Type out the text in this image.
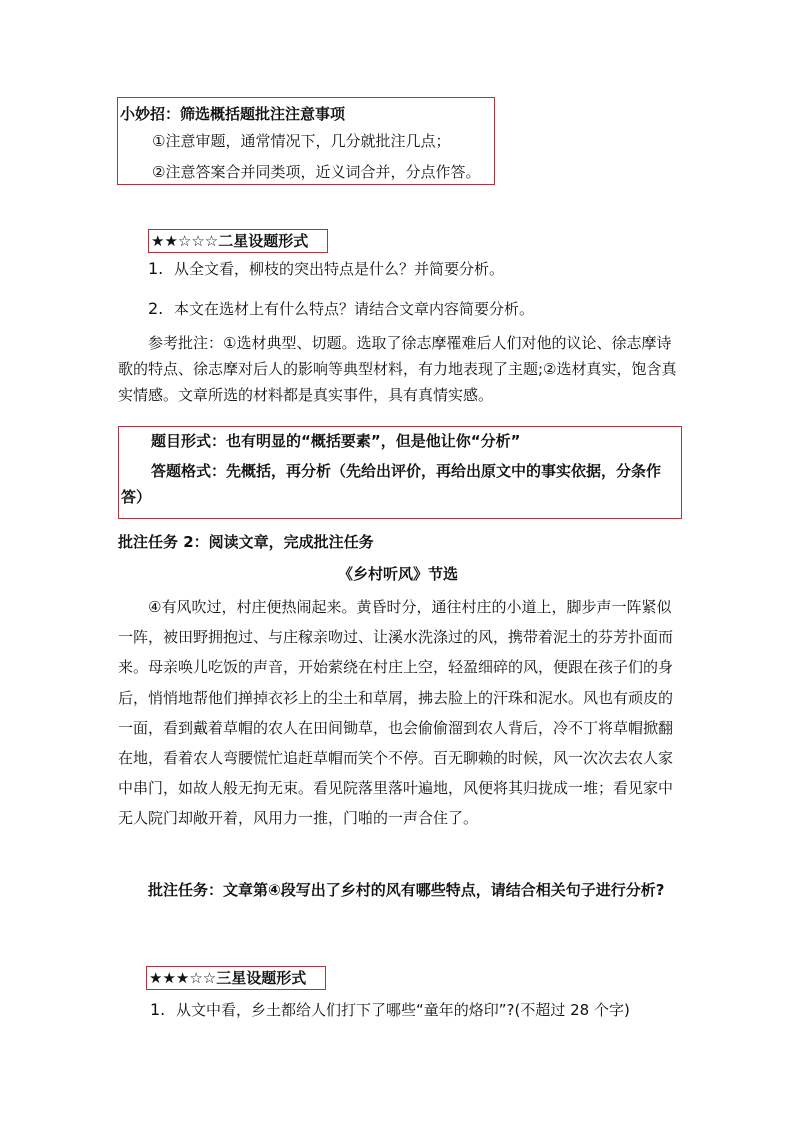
小妙招：筛选概括题批注注意事项
①注意审题，通常情况下，几分就批注几点；
②注意答案合并同类项，近义词合并，分点作答。
★★☆☆☆二星设题形式
1. 从全文看，柳枝的突出特点是什么？并简要分析。
2. 本文在选材上有什么特点？请结合文章内容简要分析。
参考批注：①选材典型、切题。选取了徐志摩罹难后人们对他的议论、徐志摩诗歌的特点、徐志摩对后人的影响等典型材料，有力地表现了主题;②选材真实，饱含真实情感。文章所选的材料都是真实事件，具有真情实感。
题目形式：也有明显的“概括要素”，但是他让你“分析”
答题格式：先概括，再分析（先给出评价，再给出原文中的事实依据，分条作答）
批注任务 2：阅读文章，完成批注任务
《乡村听风》节选
④有风吹过，村庄便热闹起来。黄昏时分，通往村庄的小道上，脚步声一阵紧似一阵，被田野拥抱过、与庄稼亲吻过、让溪水洗涤过的风，携带着泥土的芬芳扑面而来。母亲唤儿吃饭的声音，开始萦绕在村庄上空，轻盈细碎的风，便跟在孩子们的身后，悄悄地帮他们掸掉衣衫上的尘土和草屑，拂去脸上的汗珠和泥水。风也有顽皮的一面，看到戴着草帽的农人在田间锄草，也会偷偷溜到农人背后，冷不丁将草帽掀翻在地，看着农人弯腰慌忙追赶草帽而笑个不停。百无聊赖的时候，风一次次去农人家中串门，如故人般无拘无束。看见院落里落叶遍地，风便将其归拢成一堆；看见家中无人院门却敞开着，风用力一推，门啪的一声合住了。
批注任务：文章第④段写出了乡村的风有哪些特点，请结合相关句子进行分析?
★★★☆☆三星设题形式
1. 从文中看，乡土都给人们打下了哪些“童年的烙印”?(不超过 28 个字)
